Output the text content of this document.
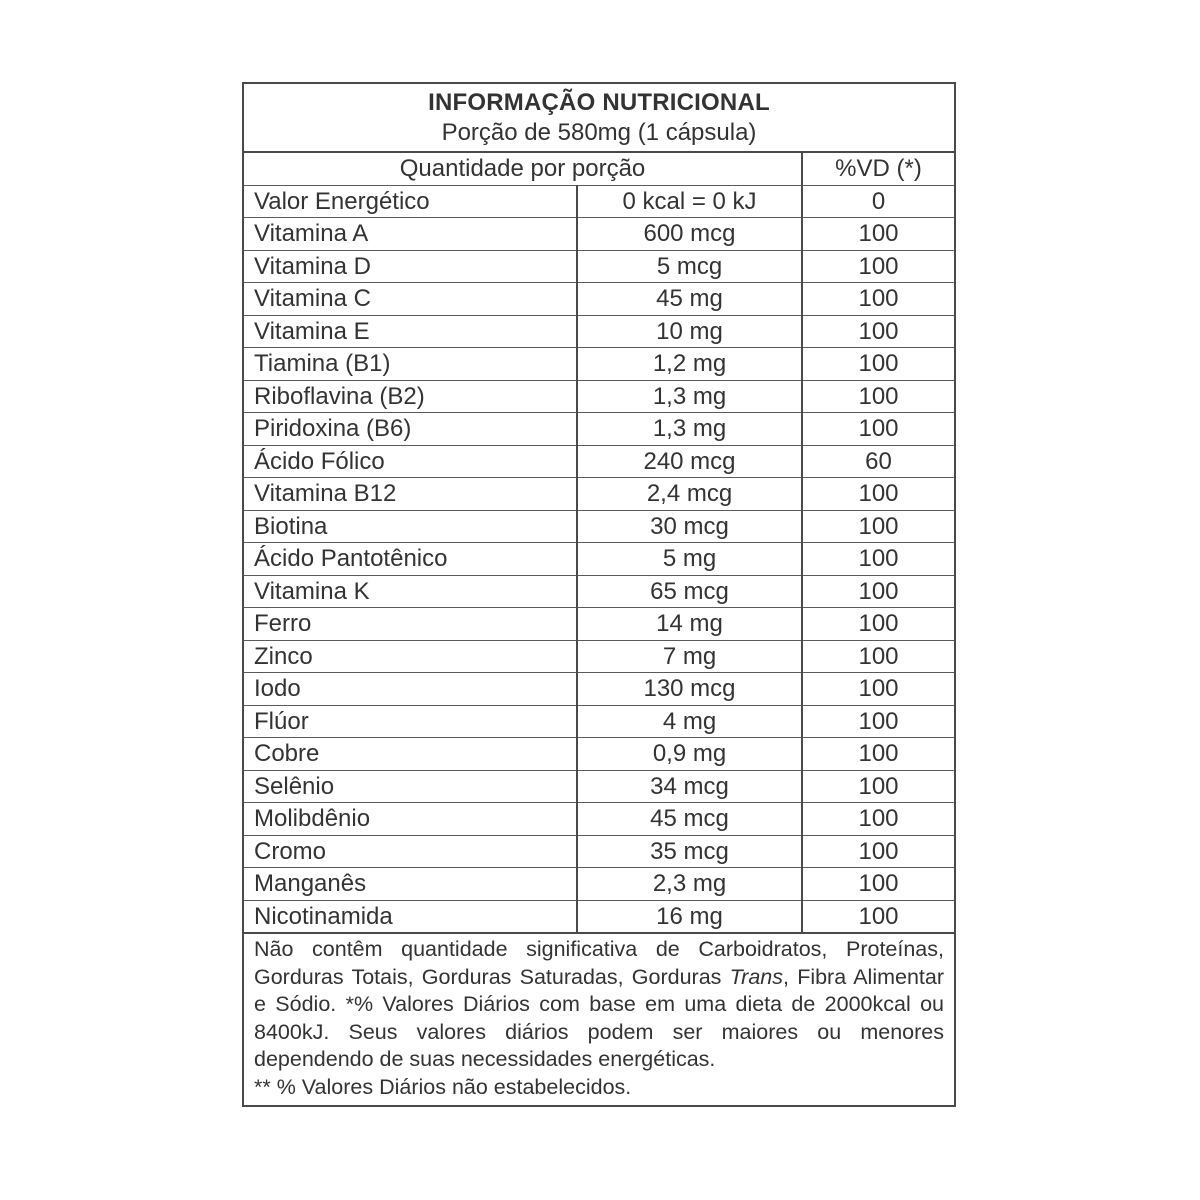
INFORMAÇÃO NUTRICIONAL
Porção de 580mg (1 cápsula)
Quantidade por porção		%VD (*)
Valor Energético	0 kcal = 0 kJ	0
Vitamina A	600 mcg	100
Vitamina D	5 mcg	100
Vitamina C	45 mg	100
Vitamina E	10 mg	100
Tiamina (B1)	1,2 mg	100
Riboflavina (B2)	1,3 mg	100
Piridoxina (B6)	1,3 mg	100
Ácido Fólico	240 mcg	60
Vitamina B12	2,4 mcg	100
Biotina	30 mcg	100
Ácido Pantotênico	5 mg	100
Vitamina K	65 mcg	100
Ferro	14 mg	100
Zinco	7 mg	100
Iodo	130 mcg	100
Flúor	4 mg	100
Cobre	0,9 mg	100
Selênio	34 mcg	100
Molibdênio	45 mcg	100
Cromo	35 mcg	100
Manganês	2,3 mg	100
Nicotinamida	16 mg	100
Não contêm quantidade significativa de Carboidratos, Proteínas, Gorduras Totais, Gorduras Saturadas, Gorduras Trans, Fibra Alimentar e Sódio. *% Valores Diários com base em uma dieta de 2000kcal ou 8400kJ. Seus valores diários podem ser maiores ou menores dependendo de suas necessidades energéticas.
** % Valores Diários não estabelecidos.
